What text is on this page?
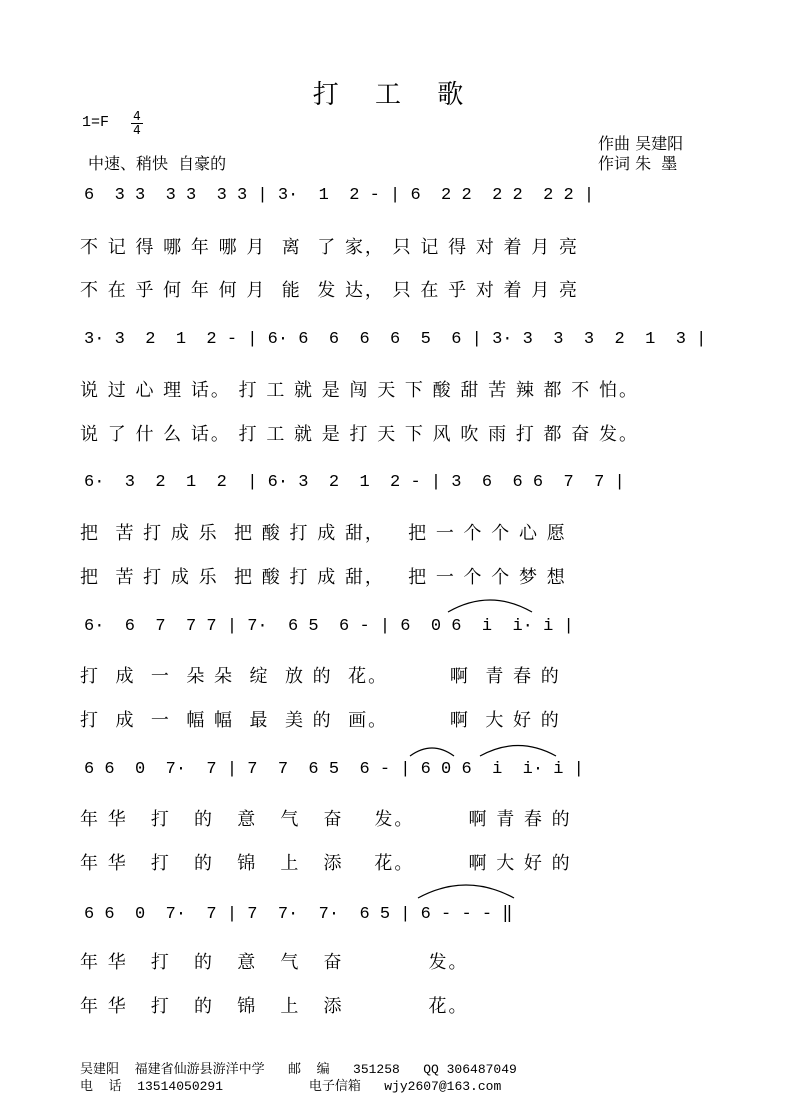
打 工 歌
$1=F \frac{4}{4}$
中速、稍快  自豪的
作曲 吴建阳
作词 朱  墨
6  3 3  3 3  3 3 | 3·  1  2 - | 6  2 2  2 2  2 2 |
不 记 得 哪 年 哪 月  离  了 家， 只 记 得 对 着 月 亮
不 在 乎 何 年 何 月  能  发 达， 只 在 乎 对 着 月 亮
3· 3  2  1  2 - | 6· 6  6  6  6  5  6 | 3· 3  3  3  2  1  3 |
说 过 心 理 话。 打 工 就 是 闯 天 下 酸 甜 苦 辣 都 不 怕。
说 了 什 么 话。 打 工 就 是 打 天 下 风 吹 雨 打 都 奋 发。
6·  3  2  1  2  | 6· 3  2  1  2 - | 3  6  6 6  7  7 |
把  苦 打 成 乐  把 酸 打 成 甜，   把 一 个 个 心 愿
把  苦 打 成 乐  把 酸 打 成 甜，   把 一 个 个 梦 想
6·  6  7  7 7 | 7·  6 5  6 - | 6  0 6  i  i· i |
打  成  一  朵 朵  绽  放 的  花。        啊  青 春 的
打  成  一  幅 幅  最  美 的  画。        啊  大 好 的
6 6  0  7·  7 | 7  7  6 5  6 - | 6 0 6  i  i· i |
年 华   打   的   意   气   奋    发。       啊 青 春 的
年 华   打   的   锦   上   添    花。       啊 大 好 的
6 6  0  7·  7 | 7  7·  7·  6 5 | 6 - - - ‖
年 华   打   的   意   气   奋           发。
年 华   打   的   锦   上   添           花。
吴建阳  福建省仙游县游洋中学   邮  编   351258   QQ 306487049
电  话  13514050291           电子信箱   wjy2607@163.com
